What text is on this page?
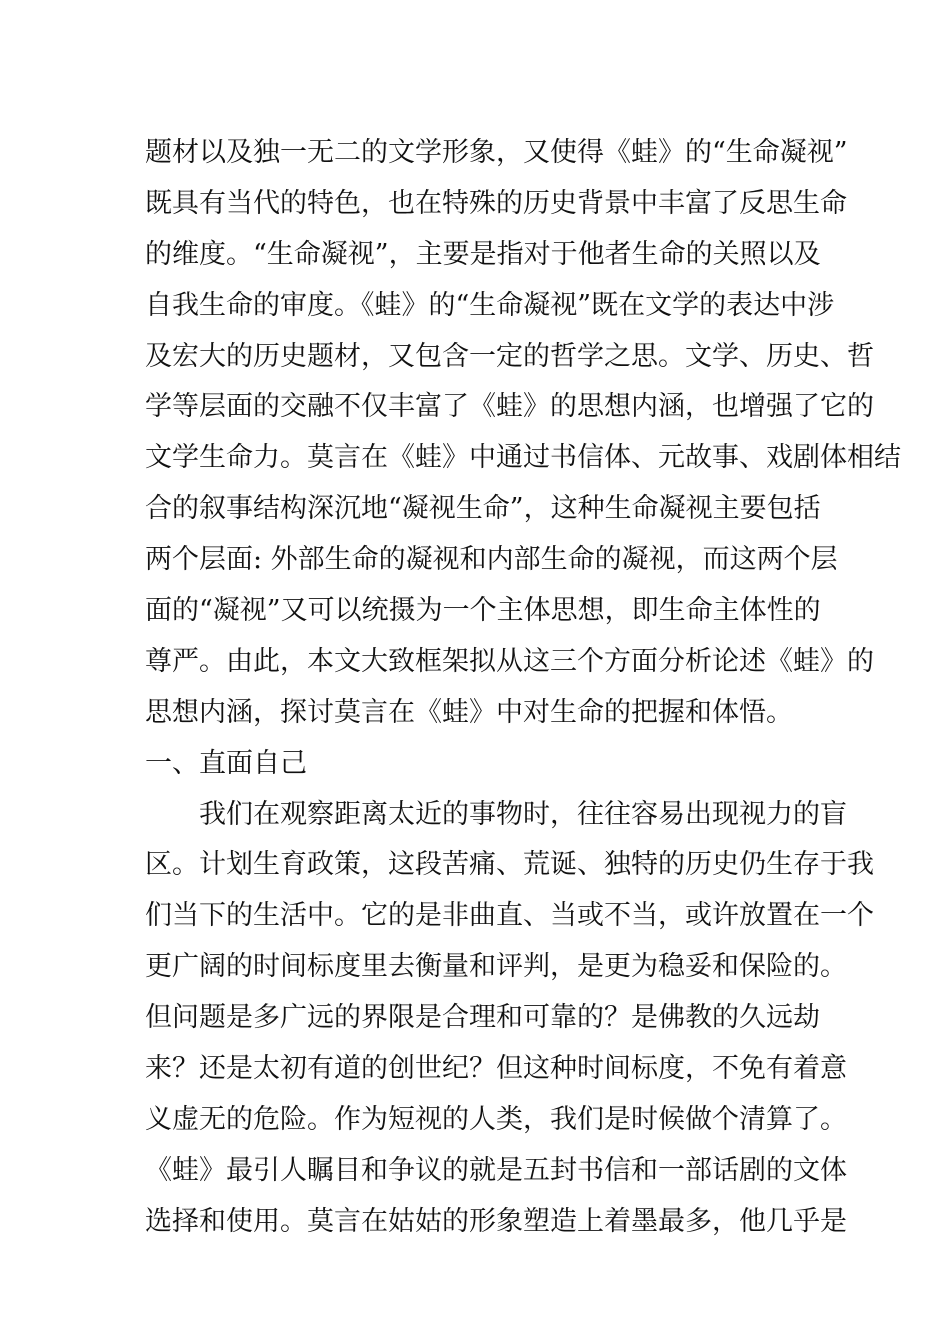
题材以及独一无二的文学形象，又使得《蛙》的“生命凝视”
既具有当代的特色，也在特殊的历史背景中丰富了反思生命
的维度。“生命凝视”，主要是指对于他者生命的关照以及
自我生命的审度。《蛙》的“生命凝视”既在文学的表达中涉
及宏大的历史题材，又包含一定的哲学之思。文学、历史、哲
学等层面的交融不仅丰富了《蛙》的思想内涵，也增强了它的
文学生命力。莫言在《蛙》中通过书信体、元故事、戏剧体相结
合的叙事结构深沉地“凝视生命”，这种生命凝视主要包括
两个层面: 外部生命的凝视和内部生命的凝视，而这两个层
面的“凝视”又可以统摄为一个主体思想，即生命主体性的
尊严。由此，本文大致框架拟从这三个方面分析论述《蛙》的
思想内涵，探讨莫言在《蛙》中对生命的把握和体悟。
一、直面自己
我们在观察距离太近的事物时，往往容易出现视力的盲
区。计划生育政策，这段苦痛、荒诞、独特的历史仍生存于我
们当下的生活中。它的是非曲直、当或不当，或许放置在一个
更广阔的时间标度里去衡量和评判，是更为稳妥和保险的。
但问题是多广远的界限是合理和可靠的？是佛教的久远劫
来？还是太初有道的创世纪？但这种时间标度，不免有着意
义虚无的危险。作为短视的人类，我们是时候做个清算了。
《蛙》最引人瞩目和争议的就是五封书信和一部话剧的文体
选择和使用。莫言在姑姑的形象塑造上着墨最多，他几乎是
